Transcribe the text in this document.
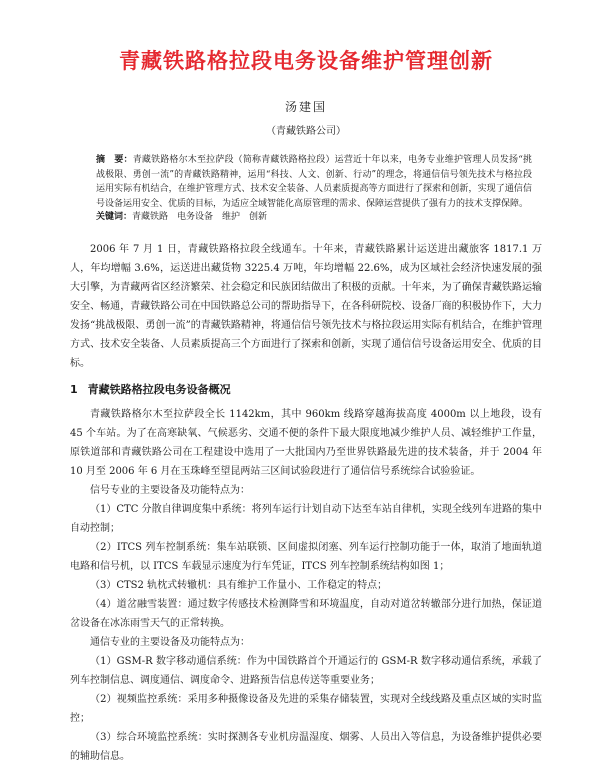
青藏铁路格拉段电务设备维护管理创新
汤建国
（青藏铁路公司）
摘　要：青藏铁路格尔木至拉萨段（简称青藏铁路格拉段）运营近十年以来，电务专业维护管理人员发扬“挑战极限、勇创一流”的青藏铁路精神，运用“科技、人文、创新、行动”的理念，将通信信号领先技术与格拉段运用实际有机结合，在维护管理方式、技术安全装备、人员素质提高等方面进行了探索和创新，实现了通信信号设备运用安全、优质的目标，为适应全域智能化高原管理的需求、保障运营提供了强有力的技术支撑保障。
关键词：青藏铁路　电务设备　维护　创新

2006 年 7 月 1 日，青藏铁路格拉段全线通车。十年来，青藏铁路累计运送进出藏旅客 1817.1 万人，年均增幅 3.6%，运送进出藏货物 3225.4 万吨，年均增幅 22.6%，成为区域社会经济快速发展的强大引擎，为青藏两省区经济繁荣、社会稳定和民族团结做出了积极的贡献。十年来，为了确保青藏铁路运输安全、畅通，青藏铁路公司在中国铁路总公司的帮助指导下，在各科研院校、设备厂商的积极协作下，大力发扬“挑战极限、勇创一流”的青藏铁路精神，将通信信号领先技术与格拉段运用实际有机结合，在维护管理方式、技术安全装备、人员素质提高三个方面进行了探索和创新，实现了通信信号设备运用安全、优质的目标。

1 青藏铁路格拉段电务设备概况

青藏铁路格尔木至拉萨段全长 1142km，其中 960km 线路穿越海拔高度 4000m 以上地段，设有 45 个车站。为了在高寒缺氧、气候恶劣、交通不便的条件下最大限度地减少维护人员、减轻维护工作量，原铁道部和青藏铁路公司在工程建设中选用了一大批国内乃至世界铁路最先进的技术装备，并于 2004 年 10 月至 2006 年 6 月在玉珠峰至望昆两站三区间试验段进行了通信信号系统综合试验验证。

信号专业的主要设备及功能特点为：

（1）CTC 分散自律调度集中系统：将列车运行计划自动下达至车站自律机，实现全线列车进路的集中自动控制；

（2）ITCS 列车控制系统：集车站联锁、区间虚拟闭塞、列车运行控制功能于一体，取消了地面轨道电路和信号机，以 ITCS 车载显示速度为行车凭证，ITCS 列车控制系统结构如图 1；

（3）CTS2 轨枕式转辙机：具有维护工作量小、工作稳定的特点；

（4）道岔融雪装置：通过数字传感技术检测降雪和环境温度，自动对道岔转辙部分进行加热，保证道岔设备在冰冻雨雪天气的正常转换。

通信专业的主要设备及功能特点为：

（1）GSM-R 数字移动通信系统：作为中国铁路首个开通运行的 GSM-R 数字移动通信系统，承载了列车控制信息、调度通信、调度命令、进路预告信息传送等重要业务；

（2）视频监控系统：采用多种摄像设备及先进的采集存储装置，实现对全线线路及重点区域的实时监控；

（3）综合环境监控系统：实时探测各专业机房温湿度、烟雾、人员出入等信息，为设备维护提供必要的辅助信息。
